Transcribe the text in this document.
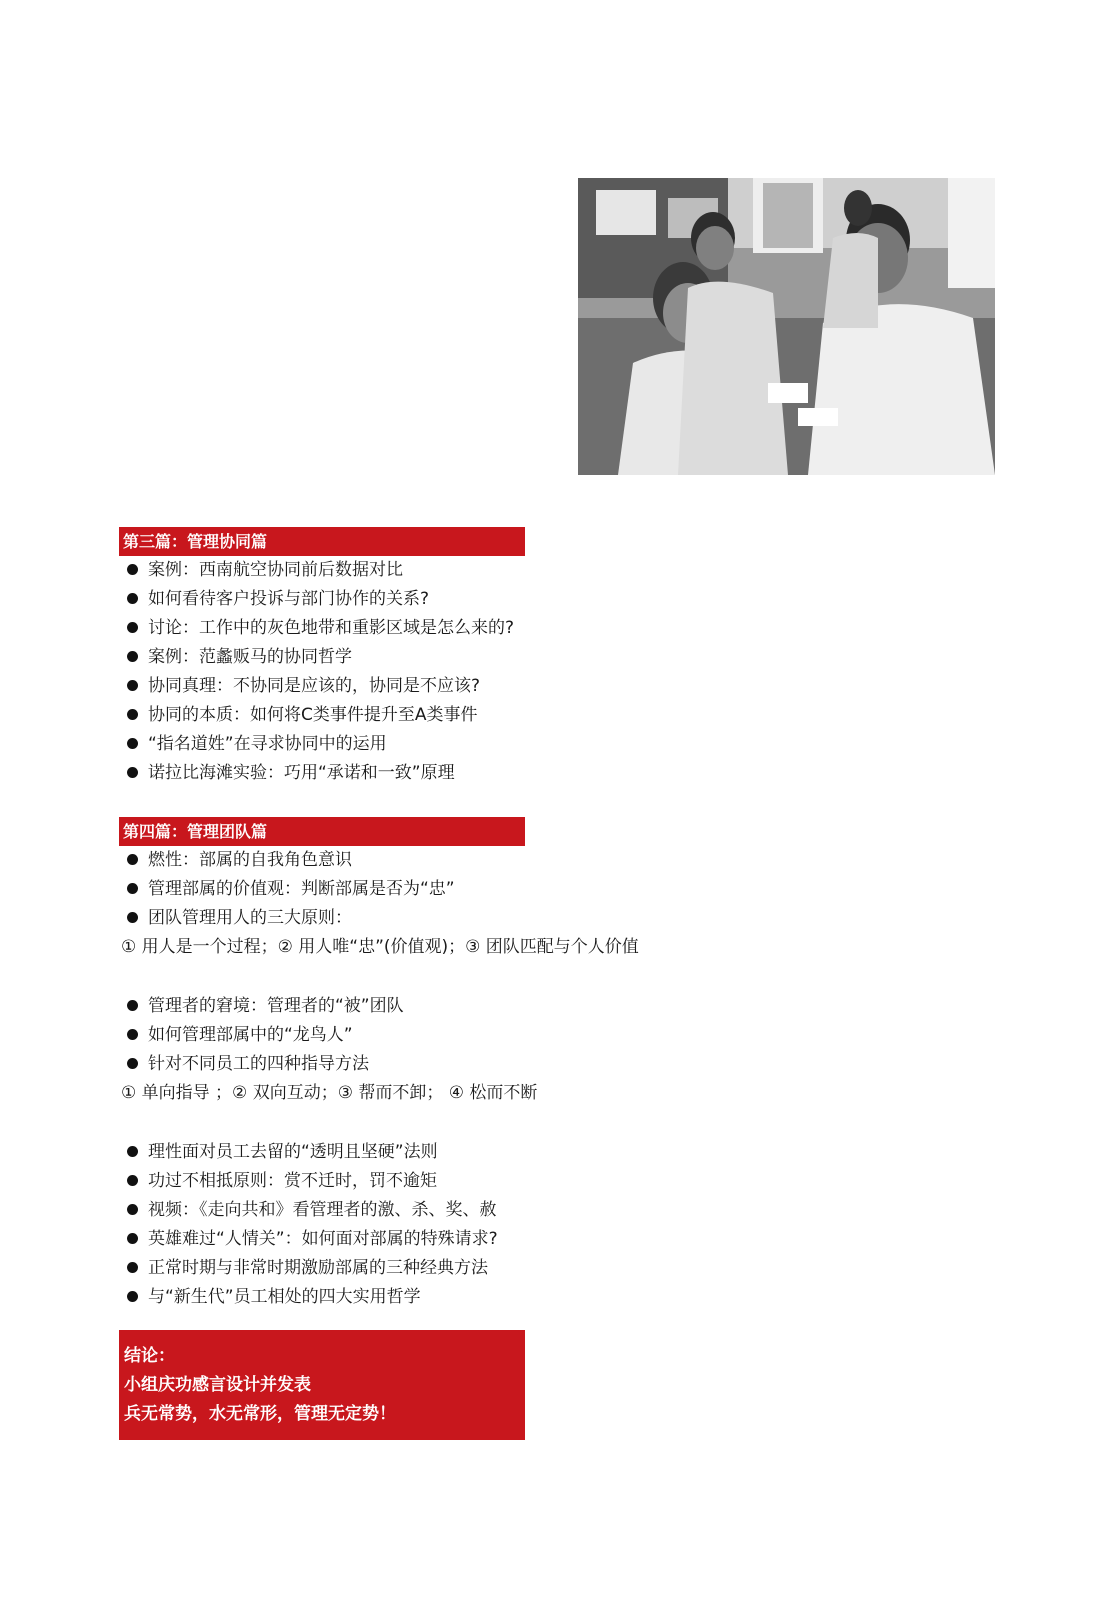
第三篇：管理协同篇
案例：西南航空协同前后数据对比
如何看待客户投诉与部门协作的关系?
讨论：工作中的灰色地带和重影区域是怎么来的?
案例：范蠡贩马的协同哲学
协同真理：不协同是应该的，协同是不应该?
协同的本质：如何将C类事件提升至A类事件
“指名道姓”在寻求协同中的运用
诺拉比海滩实验：巧用“承诺和一致”原理
第四篇：管理团队篇
燃性：部属的自我角色意识
管理部属的价值观：判断部属是否为“忠”
团队管理用人的三大原则：
① 用人是一个过程；② 用人唯“忠”(价值观)；③ 团队匹配与个人价值
管理者的窘境：管理者的“被”团队
如何管理部属中的“龙鸟人”
针对不同员工的四种指导方法
① 单向指导 ；② 双向互动；③ 帮而不卸； ④ 松而不断
理性面对员工去留的“透明且坚硬”法则
功过不相抵原则：赏不迁时，罚不逾矩
视频：《走向共和》看管理者的激、杀、奖、赦
英雄难过“人情关”：如何面对部属的特殊请求?
正常时期与非常时期激励部属的三种经典方法
与“新生代”员工相处的四大实用哲学
结论：
小组庆功感言设计并发表
兵无常势，水无常形，管理无定势！
